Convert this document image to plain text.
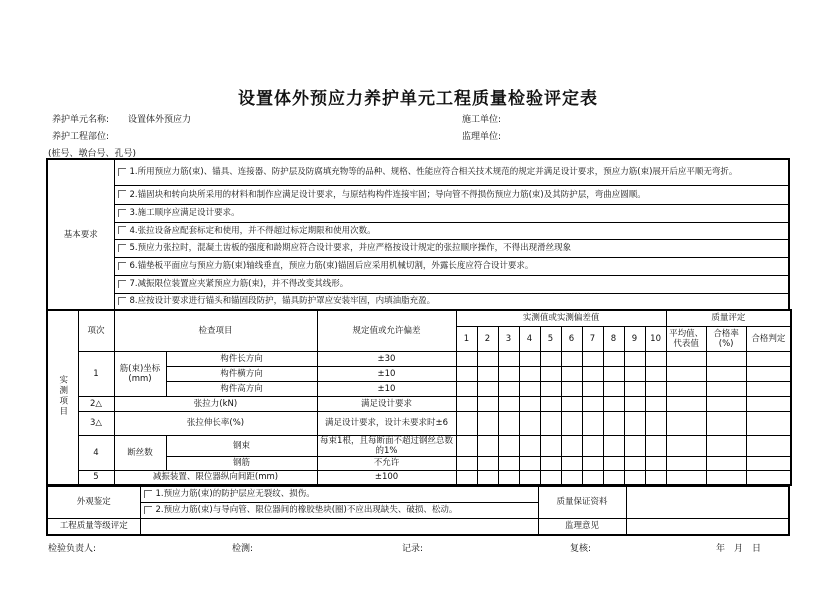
设置体外预应力养护单元工程质量检验评定表
养护单元名称: 设置体外预应力	施工单位:
养护工程部位:	监理单位:
(桩号、墩台号、孔号)
基本要求	1.所用预应力筋(束)、锚具、连接器、防护层及防腐填充物等的品种、规格、性能应符合相关技术规范的规定并满足设计要求，预应力筋(束)展开后应平顺无弯折。
2.锚固块和转向块所采用的材料和制作应满足设计要求，与原结构构件连接牢固；导向管不得损伤预应力筋(束)及其防护层，弯曲应圆顺。
3.施工顺序应满足设计要求。
4.张拉设备应配套标定和使用，并不得超过标定期限和使用次数。
5.预应力张拉时，混凝土齿板的强度和龄期应符合设计要求，并应严格按设计规定的张拉顺序操作，不得出现滑丝现象
6.锚垫板平面应与预应力筋(束)轴线垂直，预应力筋(束)锚固后应采用机械切割，外露长度应符合设计要求。
7.减振限位装置应夹紧预应力筋(束)，并不得改变其线形。
8.应按设计要求进行锚头和锚固段防护，锚具防护罩应安装牢固，内填油脂充盈。
实测项目	项次	检查项目		规定值或允许偏差	实测值或实测偏差值										质量评定		
					1	2	3	4	5	6	7	8	9	10	平均值、代表值	合格率(%)	合格判定
	1	筋(束)坐标(mm)	构件长方向	±30													
			构件横方向	±10													
			构件高方向	±10													
	2△	张拉力(kN)		满足设计要求													
	3△	张拉伸长率(%)		满足设计要求，设计未要求时±6													
	4	断丝数	钢束	每束1根，且每断面不超过钢丝总数的1%													
			钢筋	不允许													
	5	减振装置、限位器纵向间距(mm)		±100													
外观鉴定	1.预应力筋(束)的防护层应无裂纹、损伤。	质量保证资料	
	2.预应力筋(束)与导向管、限位器间的橡胶垫块(圈)不应出现缺失、破损、松动。		
工程质量等级评定		监理意见	
检验负责人:	检测:	记录:	复核:	年　月　日
